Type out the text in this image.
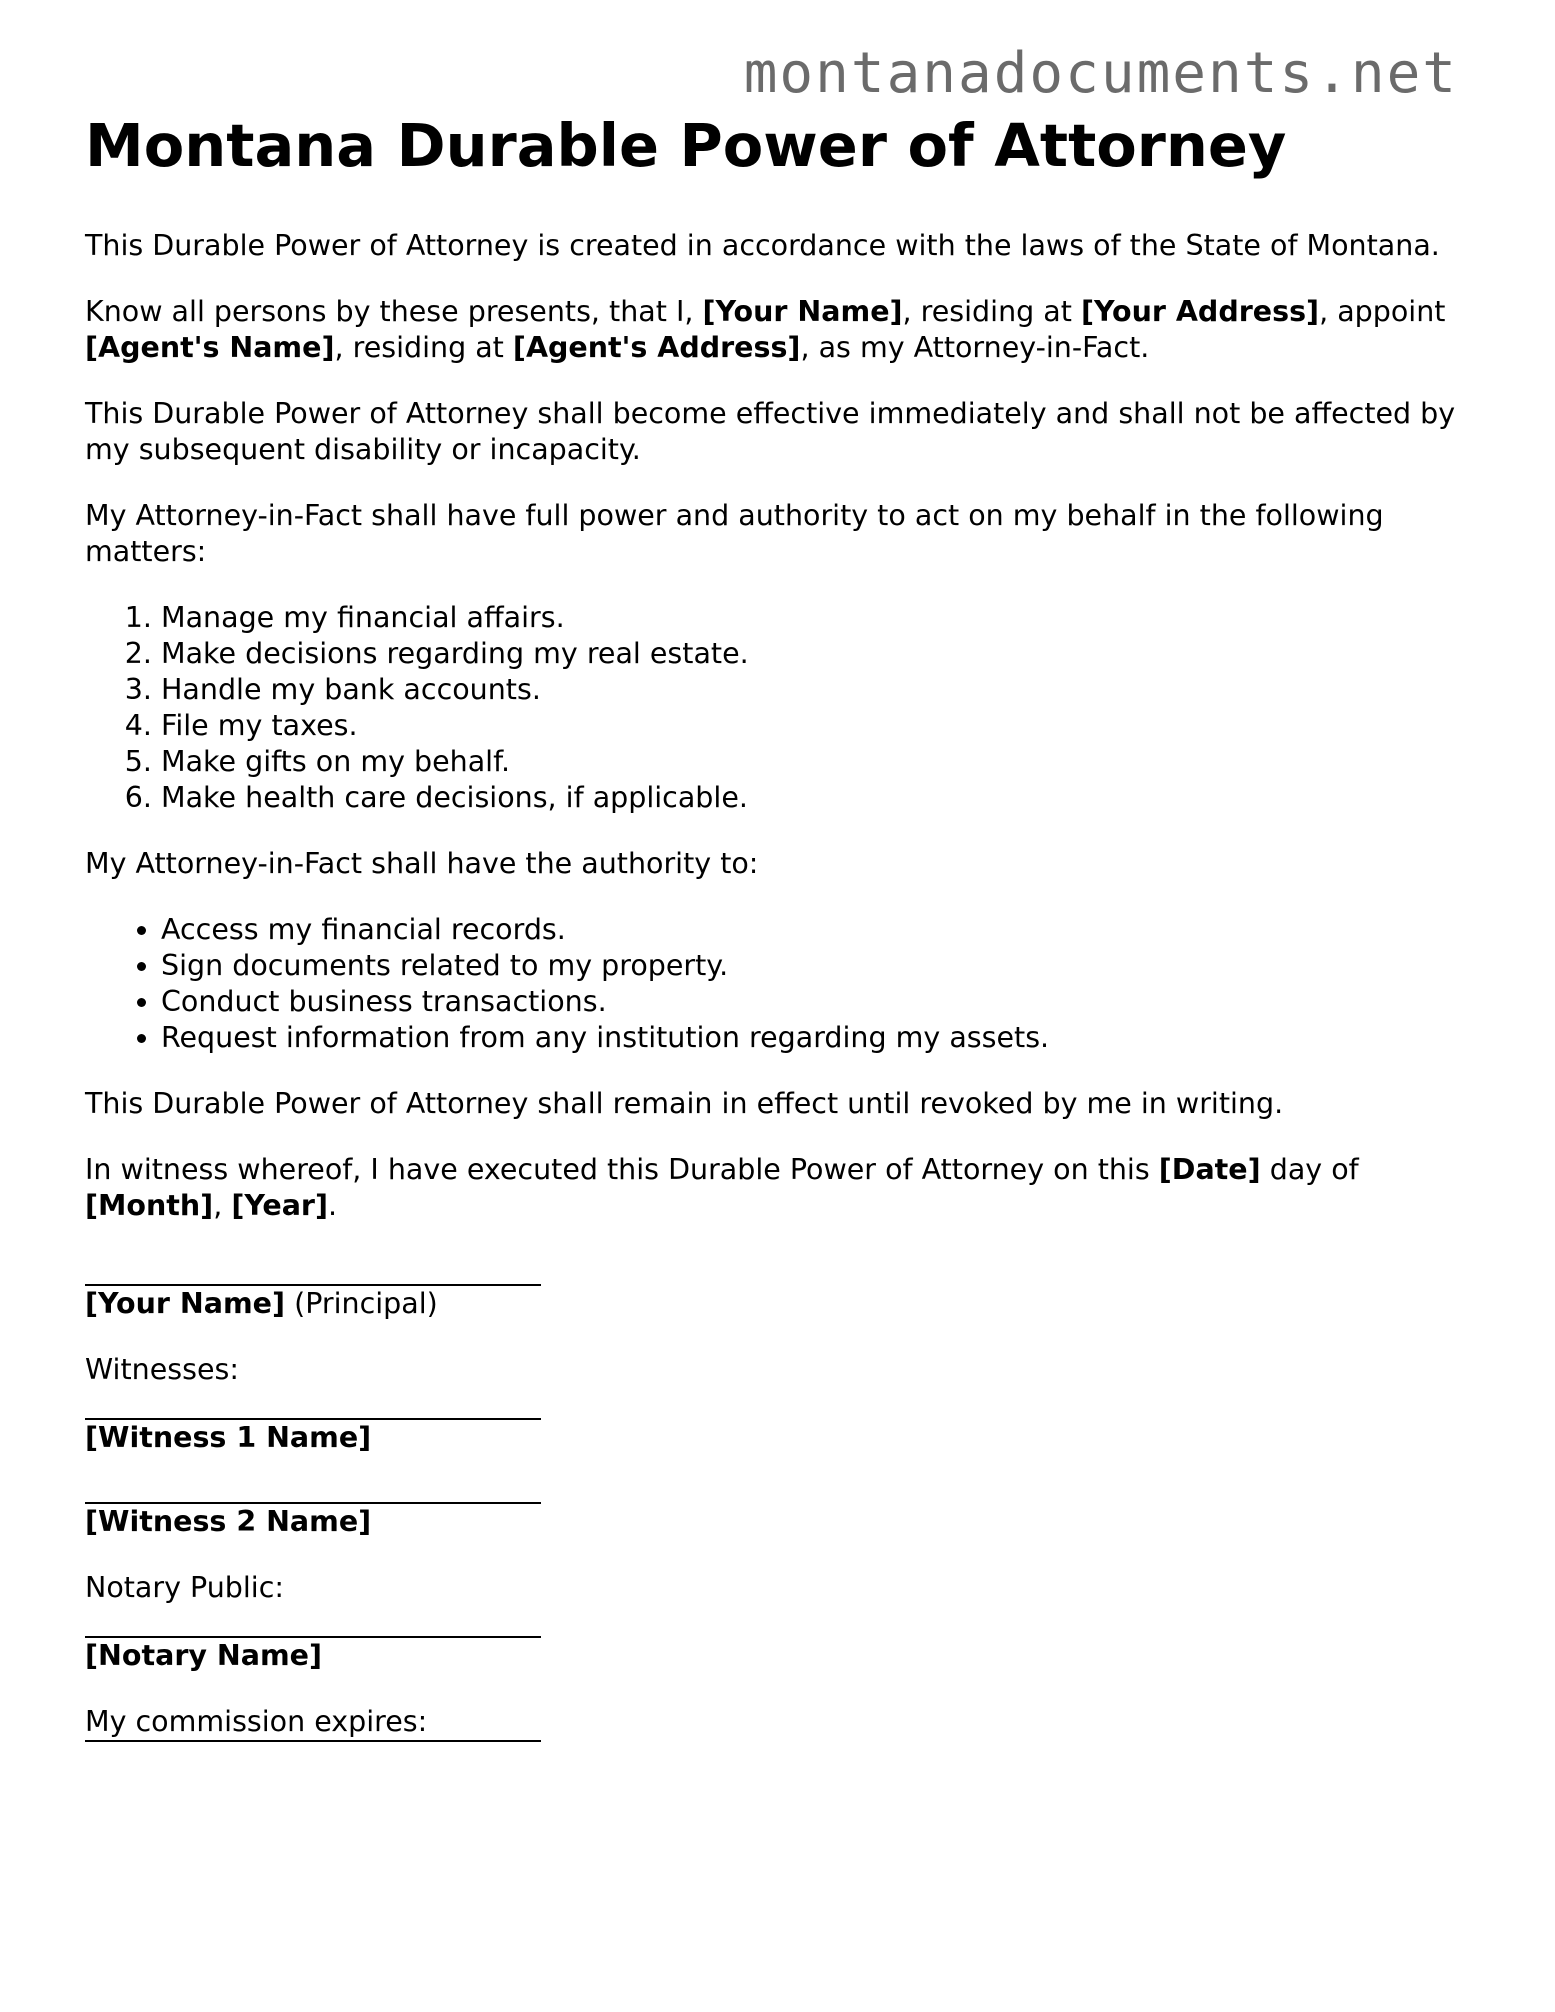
montanadocuments.net
Montana Durable Power of Attorney

This Durable Power of Attorney is created in accordance with the laws of the State of Montana.

Know all persons by these presents, that I, [Your Name], residing at [Your Address], appoint [Agent's Name], residing at [Agent's Address], as my Attorney-in-Fact.

This Durable Power of Attorney shall become effective immediately and shall not be affected by my subsequent disability or incapacity.

My Attorney-in-Fact shall have full power and authority to act on my behalf in the following matters:

1. Manage my financial affairs.
2. Make decisions regarding my real estate.
3. Handle my bank accounts.
4. File my taxes.
5. Make gifts on my behalf.
6. Make health care decisions, if applicable.

My Attorney-in-Fact shall have the authority to:

• Access my financial records.
• Sign documents related to my property.
• Conduct business transactions.
• Request information from any institution regarding my assets.

This Durable Power of Attorney shall remain in effect until revoked by me in writing.

In witness whereof, I have executed this Durable Power of Attorney on this [Date] day of [Month], [Year].

[Your Name] (Principal)

Witnesses:

[Witness 1 Name]
[Witness 2 Name]

Notary Public:

[Notary Name]

My commission expires:
